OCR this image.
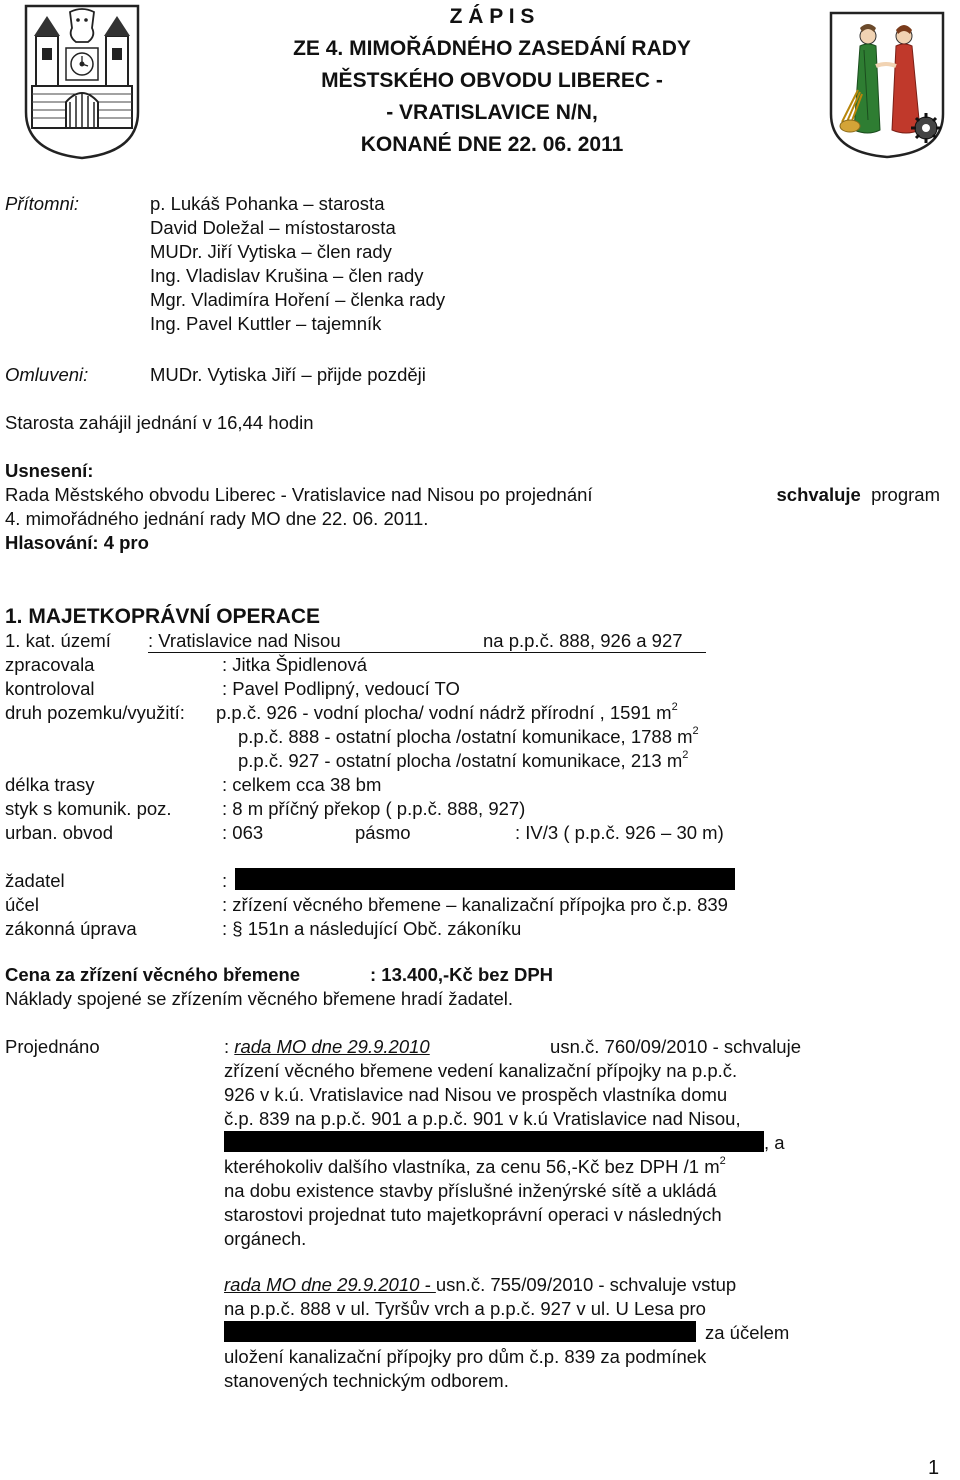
Z Á P I S
ZE 4. MIMOŘÁDNÉHO ZASEDÁNÍ RADY
MĚSTSKÉHO OBVODU LIBEREC -
- VRATISLAVICE N/N,
KONANÉ DNE 22. 06. 2011
Přítomni:	p. Lukáš Pohanka – starosta
David Doležal – místostarosta
MUDr. Jiří Vytiska – člen rady
Ing. Vladislav Krušina – člen rady
Mgr. Vladimíra Hoření – členka rady
Ing. Pavel Kuttler – tajemník
Omluveni:	MUDr. Vytiska Jiří – přijde později
Starosta zahájil jednání v 16,44 hodin
Usnesení:
Rada Městského obvodu Liberec - Vratislavice nad Nisou po projednání	schvaluje program
4. mimořádného jednání rady MO dne 22. 06. 2011.
Hlasování: 4 pro
1. MAJETKOPRÁVNÍ OPERACE
1. kat. území : Vratislavice nad Nisou	na p.p.č. 888, 926 a 927
zpracovala	: Jitka Špidlenová
kontroloval	: Pavel Podlipný, vedoucí TO
druh pozemku/využití: p.p.č. 926 - vodní plocha/ vodní nádrž přírodní , 1591 $m^2$
p.p.č. 888 - ostatní plocha /ostatní komunikace, 1788 $m^2$
p.p.č. 927 - ostatní plocha /ostatní komunikace, 213 $m^2$
délka trasy	: celkem cca 38 bm
styk s komunik. poz.	: 8 m příčný překop ( p.p.č. 888, 927)
urban. obvod	: 063	pásmo	: IV/3 ( p.p.č. 926 – 30 m)
žadatel	:
účel	: zřízení věcného břemene – kanalizační přípojka pro č.p. 839
zákonná úprava	: § 151n a následující Obč. zákoníku
Cena za zřízení věcného břemene	: 13.400,-Kč bez DPH
Náklady spojené se zřízením věcného břemene hradí žadatel.
Projednáno	: rada MO dne 29.9.2010	usn.č. 760/09/2010 - schvaluje
zřízení věcného břemene vedení kanalizační přípojky na p.p.č.
926 v k.ú. Vratislavice nad Nisou ve prospěch vlastníka domu
č.p. 839 na p.p.č. 901 a p.p.č. 901 v k.ú Vratislavice nad Nisou,
, a
kteréhokoliv dalšího vlastníka, za cenu 56,-Kč bez DPH /1 $m^2$
na dobu existence stavby příslušné inženýrské sítě a ukládá
starostovi projednat tuto majetkoprávní operaci v následných
orgánech.
rada MO dne 29.9.2010 - usn.č. 755/09/2010 - schvaluje vstup
na p.p.č. 888 v ul. Tyršův vrch a p.p.č. 927 v ul. U Lesa pro
za účelem
uložení kanalizační přípojky pro dům č.p. 839 za podmínek
stanovených technickým odborem.
1
